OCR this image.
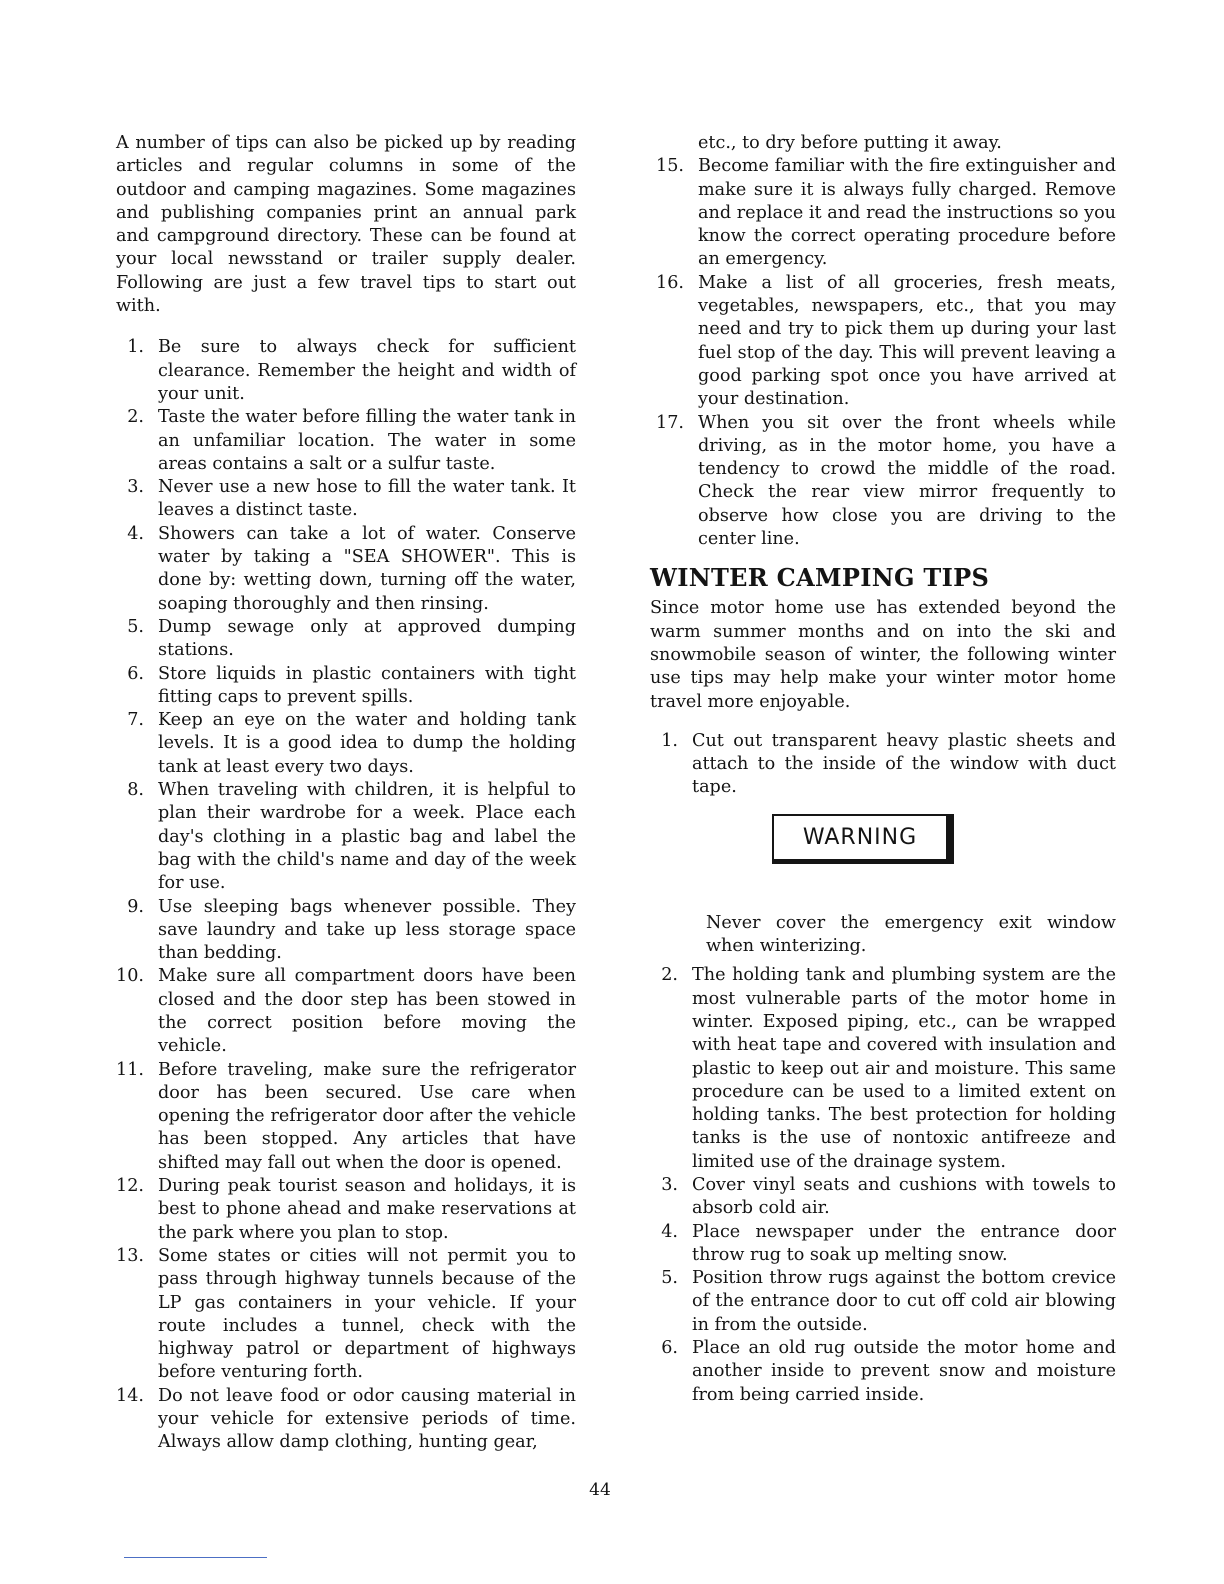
A number of tips can also be picked up by reading articles and regular columns in some of the outdoor and camping magazines. Some magazines and publishing companies print an annual park and campground directory. These can be found at your local newsstand or trailer supply dealer. Following are just a few travel tips to start out with.

1. Be sure to always check for sufficient clearance. Remember the height and width of your unit.
2. Taste the water before filling the water tank in an unfamiliar location. The water in some areas contains a salt or a sulfur taste.
3. Never use a new hose to fill the water tank. It leaves a distinct taste.
4. Showers can take a lot of water. Conserve water by taking a "SEA SHOWER". This is done by: wetting down, turning off the water, soaping thoroughly and then rinsing.
5. Dump sewage only at approved dumping stations.
6. Store liquids in plastic containers with tight fitting caps to prevent spills.
7. Keep an eye on the water and holding tank levels. It is a good idea to dump the holding tank at least every two days.
8. When traveling with children, it is helpful to plan their wardrobe for a week. Place each day's clothing in a plastic bag and label the bag with the child's name and day of the week for use.
9. Use sleeping bags whenever possible. They save laundry and take up less storage space than bedding.
10. Make sure all compartment doors have been closed and the door step has been stowed in the correct position before moving the vehicle.
11. Before traveling, make sure the refrigerator door has been secured. Use care when opening the refrigerator door after the vehicle has been stopped. Any articles that have shifted may fall out when the door is opened.
12. During peak tourist season and holidays, it is best to phone ahead and make reservations at the park where you plan to stop.
13. Some states or cities will not permit you to pass through highway tunnels because of the LP gas containers in your vehicle. If your route includes a tunnel, check with the highway patrol or department of highways before venturing forth.
14. Do not leave food or odor causing material in your vehicle for extensive periods of time. Always allow damp clothing, hunting gear,

etc., to dry before putting it away.

15. Become familiar with the fire extinguisher and make sure it is always fully charged. Remove and replace it and read the instructions so you know the correct operating procedure before an emergency.
16. Make a list of all groceries, fresh meats, vegetables, newspapers, etc., that you may need and try to pick them up during your last fuel stop of the day. This will prevent leaving a good parking spot once you have arrived at your destination.
17. When you sit over the front wheels while driving, as in the motor home, you have a tendency to crowd the middle of the road. Check the rear view mirror frequently to observe how close you are driving to the center line.
WINTER CAMPING TIPS

Since motor home use has extended beyond the warm summer months and on into the ski and snowmobile season of winter, the following winter use tips may help make your winter motor home travel more enjoyable.

1. Cut out transparent heavy plastic sheets and attach to the inside of the window with duct tape.
WARNING

Never cover the emergency exit window when winterizing.

2. The holding tank and plumbing system are the most vulnerable parts of the motor home in winter. Exposed piping, etc., can be wrapped with heat tape and covered with insulation and plastic to keep out air and moisture. This same procedure can be used to a limited extent on holding tanks. The best protection for holding tanks is the use of nontoxic antifreeze and limited use of the drainage system.
3. Cover vinyl seats and cushions with towels to absorb cold air.
4. Place newspaper under the entrance door throw rug to soak up melting snow.
5. Position throw rugs against the bottom crevice of the entrance door to cut off cold air blowing in from the outside.
6. Place an old rug outside the motor home and another inside to prevent snow and moisture from being carried inside.
44
